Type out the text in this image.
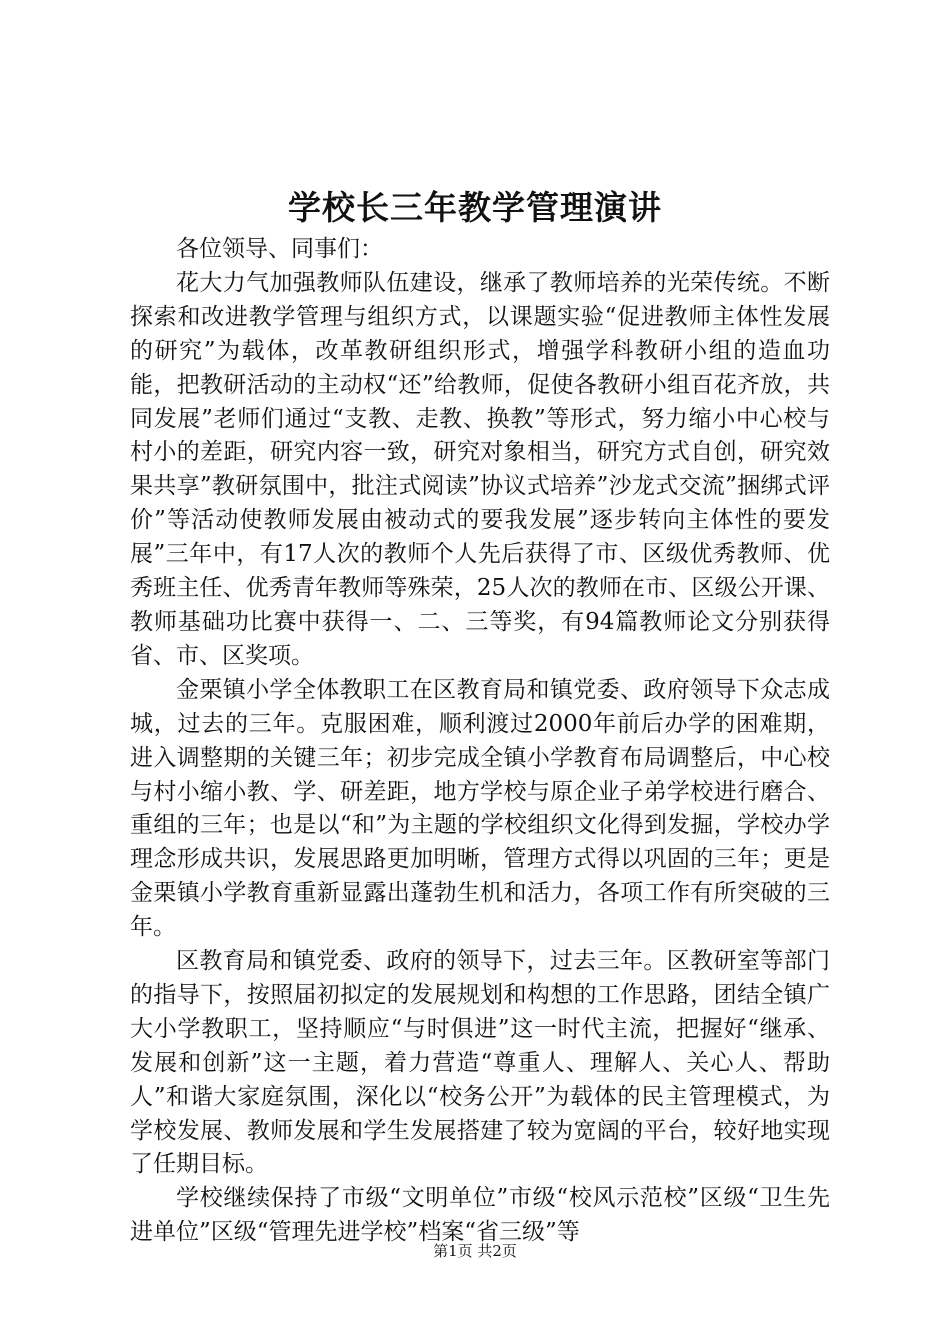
学校长三年教学管理演讲

各位领导、同事们：

花大力气加强教师队伍建设，继承了教师培养的光荣传统。不断探索和改进教学管理与组织方式，以课题实验“促进教师主体性发展的研究”为载体，改革教研组织形式，增强学科教研小组的造血功能，把教研活动的主动权“还”给教师，促使各教研小组百花齐放，共同发展”老师们通过“支教、走教、换教”等形式，努力缩小中心校与村小的差距，研究内容一致，研究对象相当，研究方式自创，研究效果共享”教研氛围中，批注式阅读”协议式培养”沙龙式交流”捆绑式评价”等活动使教师发展由被动式的要我发展”逐步转向主体性的要发展”三年中，有17人次的教师个人先后获得了市、区级优秀教师、优秀班主任、优秀青年教师等殊荣，25人次的教师在市、区级公开课、教师基础功比赛中获得一、二、三等奖，有94篇教师论文分别获得省、市、区奖项。

金栗镇小学全体教职工在区教育局和镇党委、政府领导下众志成城，过去的三年。克服困难，顺利渡过2000年前后办学的困难期，进入调整期的关键三年；初步完成全镇小学教育布局调整后，中心校与村小缩小教、学、研差距，地方学校与原企业子弟学校进行磨合、重组的三年；也是以“和”为主题的学校组织文化得到发掘，学校办学理念形成共识，发展思路更加明晰，管理方式得以巩固的三年；更是金栗镇小学教育重新显露出蓬勃生机和活力，各项工作有所突破的三年。

区教育局和镇党委、政府的领导下，过去三年。区教研室等部门的指导下，按照届初拟定的发展规划和构想的工作思路，团结全镇广大小学教职工，坚持顺应“与时俱进”这一时代主流，把握好“继承、发展和创新”这一主题，着力营造“尊重人、理解人、关心人、帮助人”和谐大家庭氛围，深化以“校务公开”为载体的民主管理模式，为学校发展、教师发展和学生发展搭建了较为宽阔的平台，较好地实现了任期目标。

学校继续保持了市级“文明单位”市级“校风示范校”区级“卫生先进单位”区级“管理先进学校”档案“省三级”等

第1页 共2页
